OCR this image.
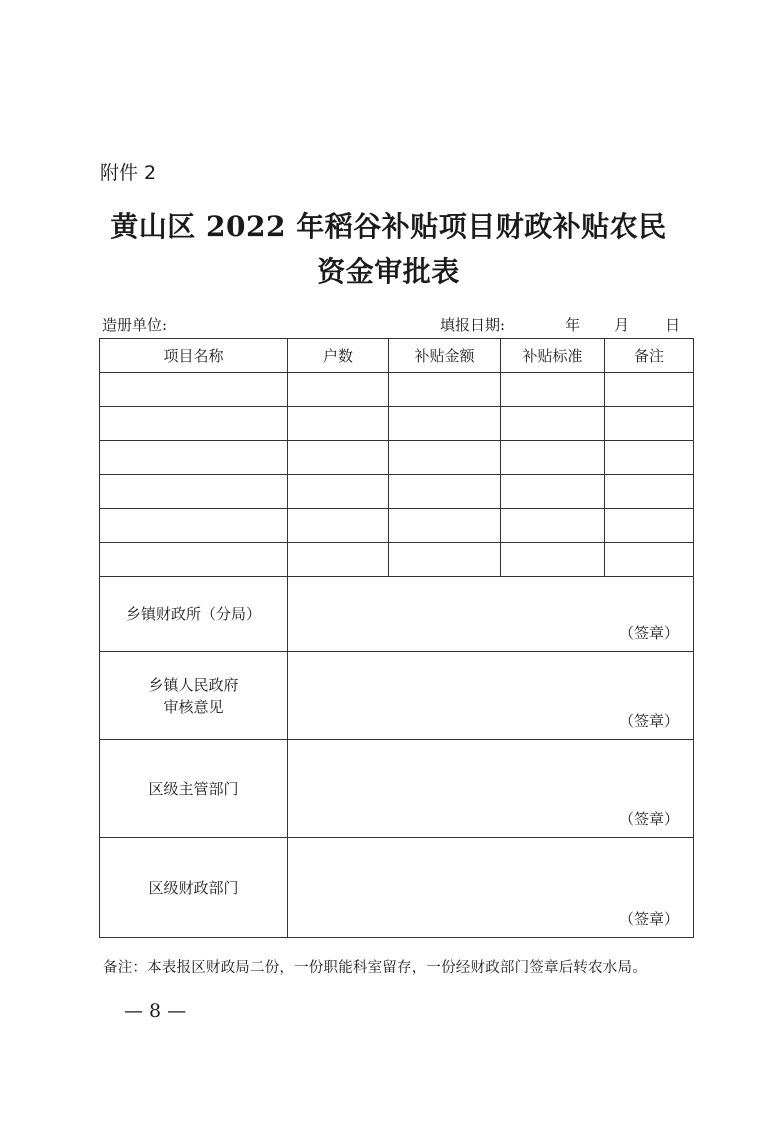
附件 2
黄山区 2022 年稻谷补贴项目财政补贴农民
资金审批表
造册单位:	填报日期:	年 月 日
项目名称	户数	补贴金额	补贴标准	备注

乡镇财政所（分局）	（签章）			

乡镇人民政府
审核意见	（签章）			

区级主管部门	（签章）			

区级财政部门	（签章）			
备注：本表报区财政局二份，一份职能科室留存，一份经财政部门签章后转农水局。
— 8 —
